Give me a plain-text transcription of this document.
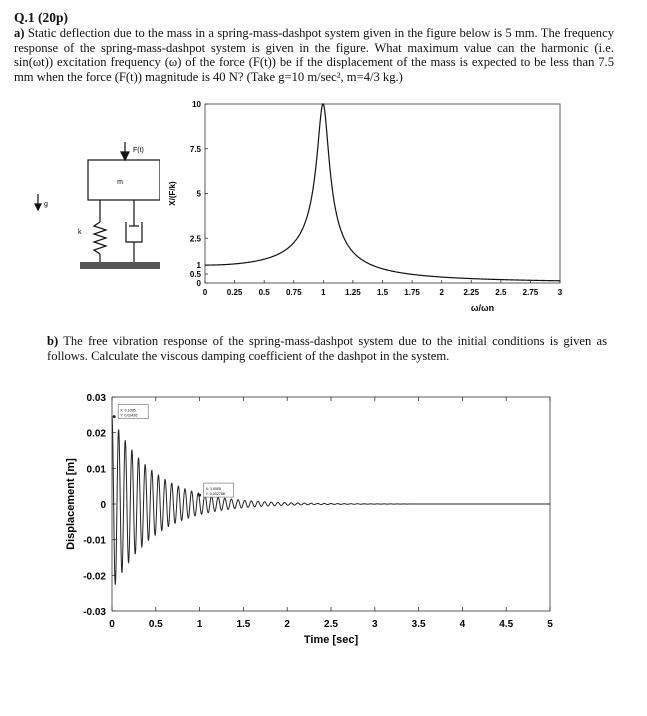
Q.1 (20p)
a) Static deflection due to the mass in a spring-mass-dashpot system given in the figure below is 5 mm. The frequency response of the spring-mass-dashpot system is given in the figure. What maximum value can the harmonic (i.e. sin(ωt)) excitation frequency (ω) of the force (F(t)) be if the displacement of the mass is expected to be less than 7.5 mm when the force (F(t)) magnitude is 40 N? (Take g=10 m/sec², m=4/3 kg.)
F(t)
m
k
g
0 0.25 0.5 0.75 1 1.25 1.5 1.75 2 2.25 2.5 2.75 3
0
0.5
1
2.5
5
7.5
10
ω/ωn
X/(F/k)
b) The free vibration response of the spring-mass-dashpot system due to the initial conditions is given as follows. Calculate the viscous damping coefficient of the dashpot in the system.
0	0.5	1	1.5	2	2.5	3	3.5	4	4.5	5
0.03
0.02
0.01
0
-0.01
-0.02
-0.03
X: 0.1005
Y: 0.02426
X: 1.0005
Y: 0.002788
Time [sec]
Displacement [m]
